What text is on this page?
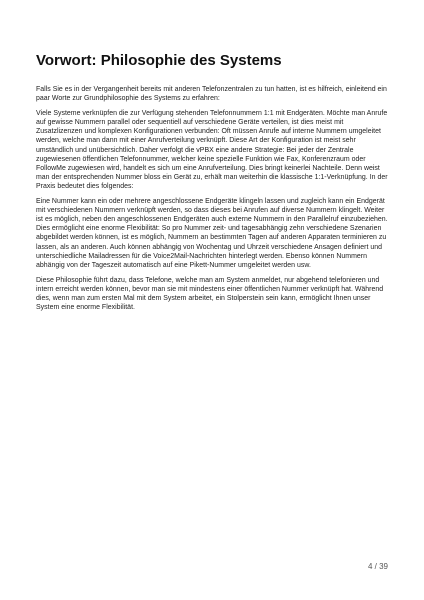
Vorwort: Philosophie des Systems

Falls Sie es in der Vergangenheit bereits mit anderen Telefonzentralen zu tun hatten, ist es hilfreich, einleitend ein paar Worte zur Grundphilosophie des Systems zu erfahren:

Viele Systeme verknüpfen die zur Verfügung stehenden Telefonnummern 1:1 mit Endgeräten. Möchte man Anrufe auf gewisse Nummern parallel oder sequentiell auf verschiedene Geräte verteilen, ist dies meist mit Zusatzlizenzen und komplexen Konfigurationen verbunden: Oft müssen Anrufe auf interne Nummern umgeleitet werden, welche man dann mit einer Anrufverteilung verknüpft. Diese Art der Konfiguration ist meist sehr umständlich und unübersichtlich. Daher verfolgt die vPBX eine andere Strategie: Bei jeder der Zentrale zugewiesenen öffentlichen Telefonnummer, welcher keine spezielle Funktion wie Fax, Konferenzraum oder FollowMe zugewiesen wird, handelt es sich um eine Anrufverteilung. Dies bringt keinerlei Nachteile. Denn weist man der entsprechenden Nummer bloss ein Gerät zu, erhält man weiterhin die klassische 1:1-Verknüpfung. In der Praxis bedeutet dies folgendes:

Eine Nummer kann ein oder mehrere angeschlossene Endgeräte klingeln lassen und zugleich kann ein Endgerät mit verschiedenen Nummern verknüpft werden, so dass dieses bei Anrufen auf diverse Nummern klingelt. Weiter ist es möglich, neben den angeschlossenen Endgeräten auch externe Nummern in den Parallelruf einzubeziehen. Dies ermöglicht eine enorme Flexibilität: So pro Nummer zeit- und tagesabhängig zehn verschiedene Szenarien abgebildet werden können, ist es möglich, Nummern an bestimmten Tagen auf anderen Apparaten terminieren zu lassen, als an anderen. Auch können abhängig von Wochentag und Uhrzeit verschiedene Ansagen definiert und unterschiedliche Mailadressen für die Voice2Mail-Nachrichten hinterlegt werden. Ebenso können Nummern abhängig von der Tageszeit automatisch auf eine Pikett-Nummer umgeleitet werden usw.

Diese Philosophie führt dazu, dass Telefone, welche man am System anmeldet, nur abgehend telefonieren und intern erreicht werden können, bevor man sie mit mindestens einer öffentlichen Nummer verknüpft hat. Während dies, wenn man zum ersten Mal mit dem System arbeitet, ein Stolperstein sein kann, ermöglicht Ihnen unser System eine enorme Flexibilität.

4 / 39
